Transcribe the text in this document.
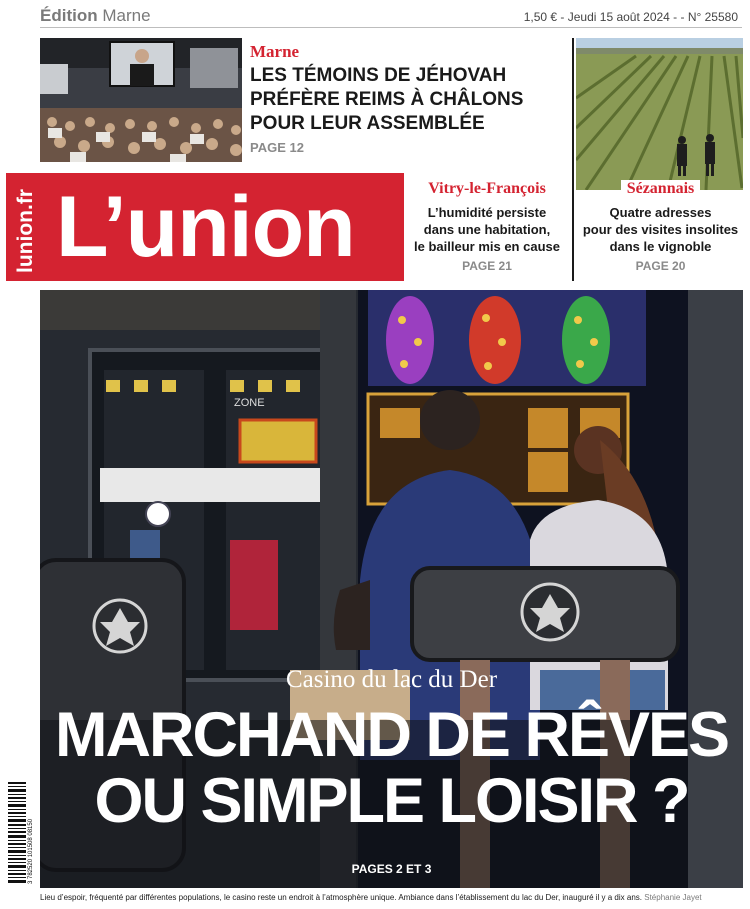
Édition Marne	1,50 € - Jeudi 15 août 2024 - - N° 25580
Marne
LES TÉMOINS DE JÉHOVAH
PRÉFÈRE REIMS À CHÂLONS
POUR LEUR ASSEMBLÉE
PAGE 12
lunion.fr L’union	Vitry-le-François
L’humidité persiste
dans une habitation,
le bailleur mis en cause
PAGE 21
Sézannais
Quatre adresses
pour des visites insolites
dans le vignoble
PAGE 20
ZONE
Casino du lac du Der
MARCHAND DE RÊVES
OU SIMPLE LOISIR ?
PAGES 2 ET 3
3 782520 101508 08150
Lieu d’espoir, fréquenté par différentes populations, le casino reste un endroit à l’atmosphère unique. Ambiance dans l’établissement du lac du Der, inauguré il y a dix ans. Stéphanie Jayet
